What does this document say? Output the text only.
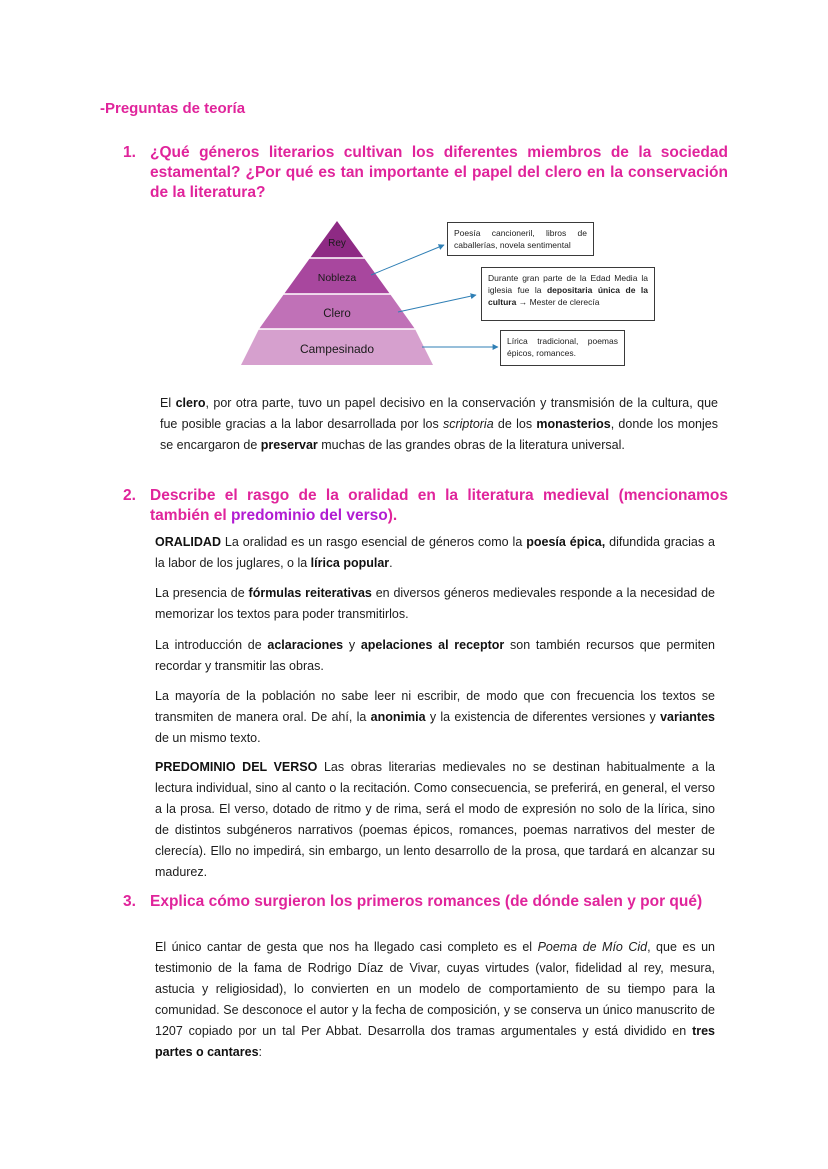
-Preguntas de teoría
1. ¿Qué géneros literarios cultivan los diferentes miembros de la sociedad estamental? ¿Por qué es tan importante el papel del clero en la conservación de la literatura?
Rey
Nobleza
Clero
Campesinado
Poesía cancioneril, libros de caballerías, novela sentimental
Durante gran parte de la Edad Media la iglesia fue la depositaria única de la cultura → Mester de clerecía
Lírica tradicional, poemas épicos, romances.

El clero, por otra parte, tuvo un papel decisivo en la conservación y transmisión de la cultura, que fue posible gracias a la labor desarrollada por los scriptoria de los monasterios, donde los monjes se encargaron de preservar muchas de las grandes obras de la literatura universal.

2. Describe el rasgo de la oralidad en la literatura medieval (mencionamos también el predominio del verso).

ORALIDAD La oralidad es un rasgo esencial de géneros como la poesía épica, difundida gracias a la labor de los juglares, o la lírica popular.

La presencia de fórmulas reiterativas en diversos géneros medievales responde a la necesidad de memorizar los textos para poder transmitirlos.

La introducción de aclaraciones y apelaciones al receptor son también recursos que permiten recordar y transmitir las obras.

La mayoría de la población no sabe leer ni escribir, de modo que con frecuencia los textos se transmiten de manera oral. De ahí, la anonimia y la existencia de diferentes versiones y variantes de un mismo texto.

PREDOMINIO DEL VERSO Las obras literarias medievales no se destinan habitualmente a la lectura individual, sino al canto o la recitación. Como consecuencia, se preferirá, en general, el verso a la prosa. El verso, dotado de ritmo y de rima, será el modo de expresión no solo de la lírica, sino de distintos subgéneros narrativos (poemas épicos, romances, poemas narrativos del mester de clerecía). Ello no impedirá, sin embargo, un lento desarrollo de la prosa, que tardará en alcanzar su madurez.

3. Explica cómo surgieron los primeros romances (de dónde salen y por qué)

El único cantar de gesta que nos ha llegado casi completo es el Poema de Mío Cid, que es un testimonio de la fama de Rodrigo Díaz de Vivar, cuyas virtudes (valor, fidelidad al rey, mesura, astucia y religiosidad), lo convierten en un modelo de comportamiento de su tiempo para la comunidad. Se desconoce el autor y la fecha de composición, y se conserva un único manuscrito de 1207 copiado por un tal Per Abbat. Desarrolla dos tramas argumentales y está dividido en tres partes o cantares:
